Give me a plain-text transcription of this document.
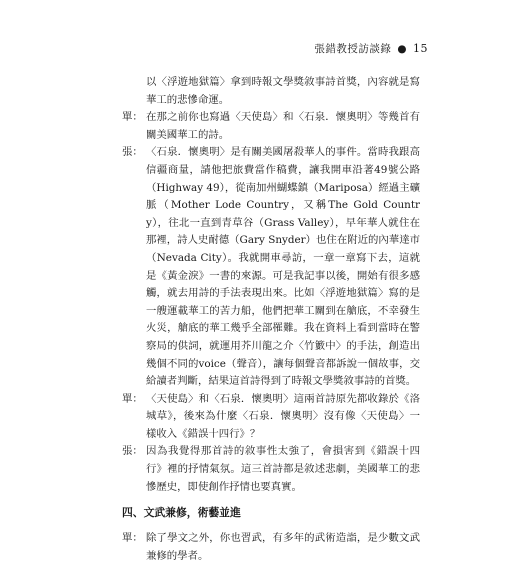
張錯教授訪談錄 ● 15
以〈浮遊地獄篇〉拿到時報文學獎敘事詩首獎，內容就是寫華工的悲慘命運。
單： 在那之前你也寫過〈天使島〉和〈石泉．懷奧明〉等幾首有關美國華工的詩。
張： 〈石泉．懷奧明〉是有關美國屠殺華人的事件。當時我跟高信疆商量，請他把旅費當作稿費，讓我開車沿著49號公路（Highway 49），從南加州蝴蝶鎮（Mariposa）經過主礦脈（Mother Lode Country，又稱The Gold Country），往北一直到青草谷（Grass Valley），早年華人就住在那裡，詩人史耐德（Gary Snyder）也住在附近的內華達市（Nevada City）。我就開車尋訪，一章一章寫下去，這就是《黃金淚》一書的來源。可是我記事以後，開始有很多感觸，就去用詩的手法表現出來。比如〈浮遊地獄篇〉寫的是一艘運載華工的苦力船，他們把華工關到在艙底，不幸發生火災，艙底的華工幾乎全部罹難。我在資料上看到當時在警察局的供詞，就運用芥川龍之介〈竹籔中〉的手法，創造出幾個不同的voice（聲音），讓每個聲音都訴說一個故事，交給讀者判斷，結果這首詩得到了時報文學獎敘事詩的首獎。
單： 〈天使島〉和〈石泉．懷奧明〉這兩首詩原先都收錄於《洛城草》，後來為什麼〈石泉．懷奧明〉沒有像〈天使島〉一樣收入《錯誤十四行》？
張： 因為我覺得那首詩的敘事性太強了，會損害到《錯誤十四行》裡的抒情氣氛。這三首詩都是敘述悲劇，美國華工的悲慘歷史，即使創作抒情也要真實。
四、文武兼修，術藝並進
單： 除了學文之外，你也習武，有多年的武術造詣，是少數文武兼修的學者。
